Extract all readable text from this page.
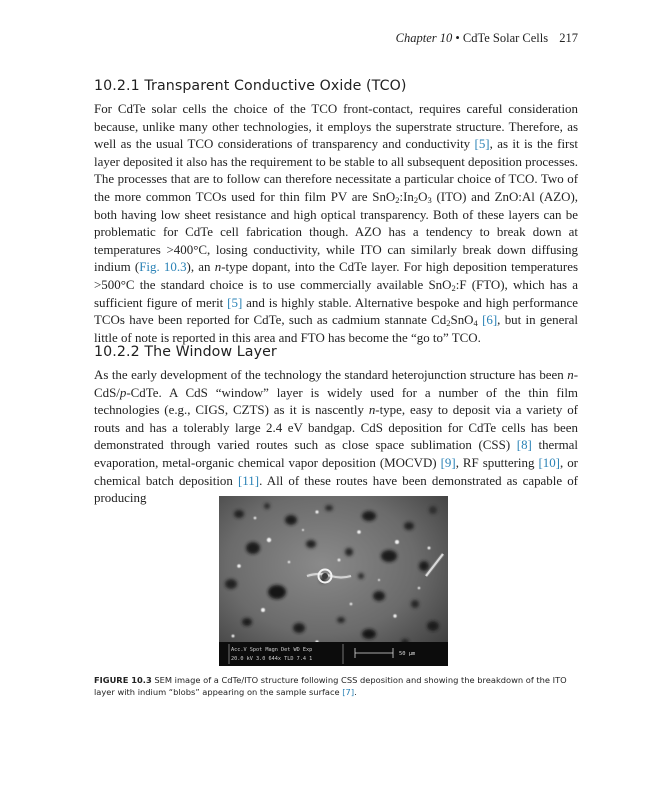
Chapter 10 • CdTe Solar Cells 217
10.2.1 Transparent Conductive Oxide (TCO)

For CdTe solar cells the choice of the TCO front-contact, requires careful consideration because, unlike many other technologies, it employs the superstrate structure. Therefore, as well as the usual TCO considerations of transparency and conductivity [5], as it is the first layer deposited it also has the requirement to be stable to all subsequent deposition processes. The processes that are to follow can therefore necessitate a particular choice of TCO. Two of the more common TCOs used for thin film PV are $SnO_2:In_2O_3$ (ITO) and ZnO:Al (AZO), both having low sheet resistance and high optical transparency. Both of these layers can be problematic for CdTe cell fabrication though. AZO has a tendency to break down at temperatures >400°C, losing conductivity, while ITO can similarly break down diffusing indium (Fig. 10.3), an n-type dopant, into the CdTe layer. For high deposition temperatures >500°C the standard choice is to use commercially available SnO$_2$:F (FTO), which has a sufficient figure of merit [5] and is highly stable. Alternative bespoke and high performance TCOs have been reported for CdTe, such as cadmium stannate $Cd_2SnO_4$ [6], but in general little of note is reported in this area and FTO has become the “go to” TCO.

10.2.2 The Window Layer

As the early development of the technology the standard heterojunction structure has been n-CdS/p-CdTe. A CdS “window” layer is widely used for a number of the thin film technologies (e.g., CIGS, CZTS) as it is nascently n-type, easy to deposit via a variety of routs and has a tolerably large 2.4 eV bandgap. CdS deposition for CdTe cells has been demonstrated through varied routes such as close space sublimation (CSS) [8] thermal evaporation, metal-organic chemical vapor deposition (MOCVD) [9], RF sputtering [10], or chemical batch deposition [11]. All of these routes have been demonstrated as capable of producing

Acc.V Spot Magn Det WD Exp
20.0 kV 3.0 644x TLD 7.4 1
50 μm

FIGURE 10.3 SEM image of a CdTe/ITO structure following CSS deposition and showing the breakdown of the ITO layer with indium “blobs” appearing on the sample surface [7].
